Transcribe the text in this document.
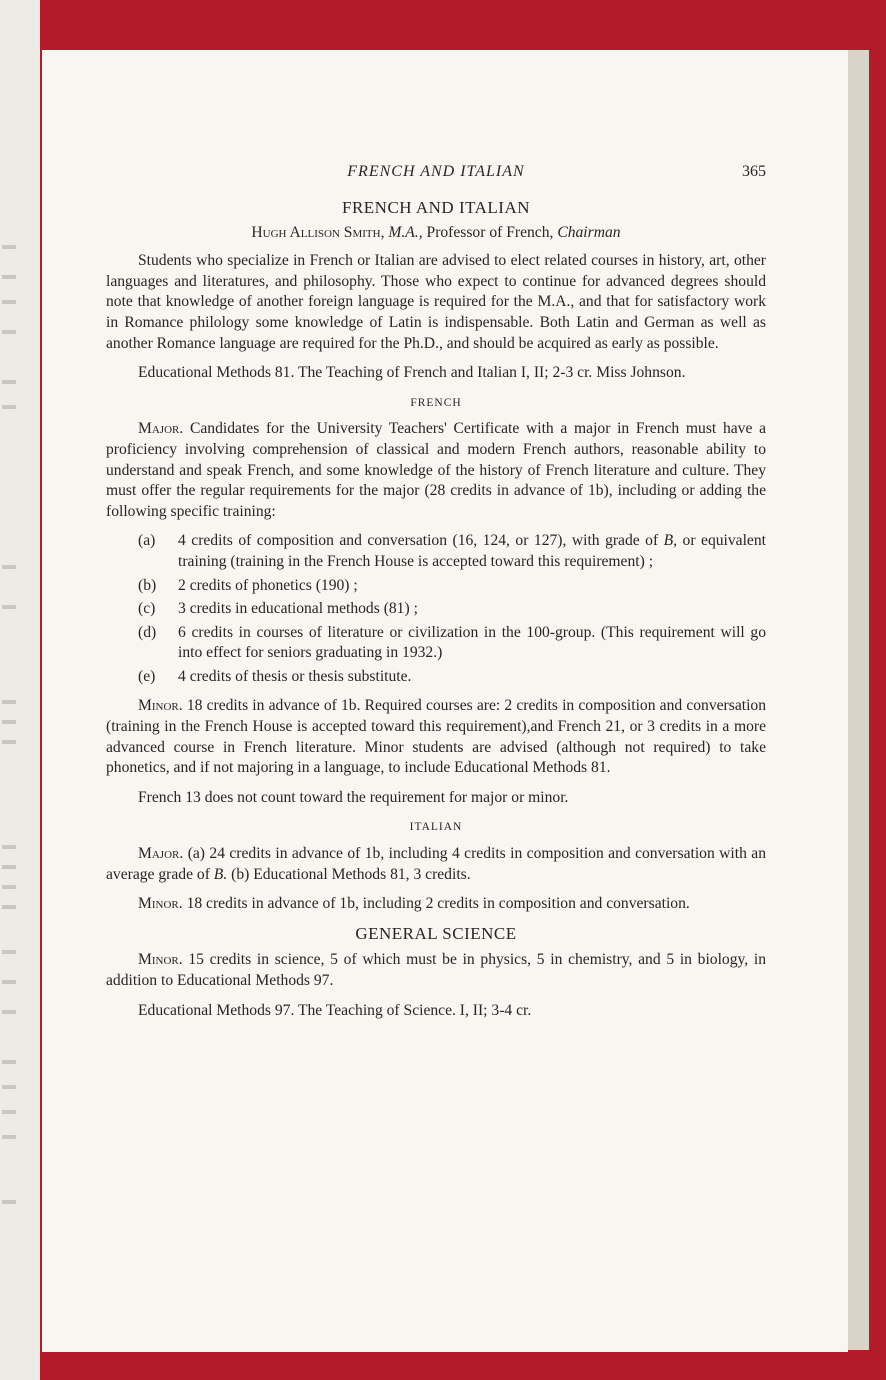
FRENCH AND ITALIAN	365
FRENCH AND ITALIAN
Hugh Allison Smith, M.A., Professor of French, Chairman

Students who specialize in French or Italian are advised to elect related courses in history, art, other languages and literatures, and philosophy. Those who expect to continue for advanced degrees should note that knowledge of another foreign language is required for the M.A., and that for satisfactory work in Romance philology some knowledge of Latin is indispensable. Both Latin and German as well as another Romance language are required for the Ph.D., and should be acquired as early as possible.

Educational Methods 81. The Teaching of French and Italian I, II; 2-3 cr. Miss Johnson.

FRENCH

Major. Candidates for the University Teachers' Certificate with a major in French must have a proficiency involving comprehension of classical and modern French authors, reasonable ability to understand and speak French, and some knowledge of the history of French literature and culture. They must offer the regular requirements for the major (28 credits in advance of 1b), including or adding the following specific training:

(a) 4 credits of composition and conversation (16, 124, or 127), with grade of B, or equivalent training (training in the French House is accepted toward this requirement) ;
(b) 2 credits of phonetics (190) ;
(c) 3 credits in educational methods (81) ;
(d) 6 credits in courses of literature or civilization in the 100-group. (This requirement will go into effect for seniors graduating in 1932.)
(e) 4 credits of thesis or thesis substitute.

Minor. 18 credits in advance of 1b. Required courses are: 2 credits in composition and conversation (training in the French House is accepted toward this requirement),and French 21, or 3 credits in a more advanced course in French literature. Minor students are advised (although not required) to take phonetics, and if not majoring in a language, to include Educational Methods 81.

French 13 does not count toward the requirement for major or minor.

ITALIAN

Major. (a) 24 credits in advance of 1b, including 4 credits in composition and conversation with an average grade of B. (b) Educational Methods 81, 3 credits.

Minor. 18 credits in advance of 1b, including 2 credits in composition and conversation.

GENERAL SCIENCE

Minor. 15 credits in science, 5 of which must be in physics, 5 in chemistry, and 5 in biology, in addition to Educational Methods 97.

Educational Methods 97. The Teaching of Science. I, II; 3-4 cr.
